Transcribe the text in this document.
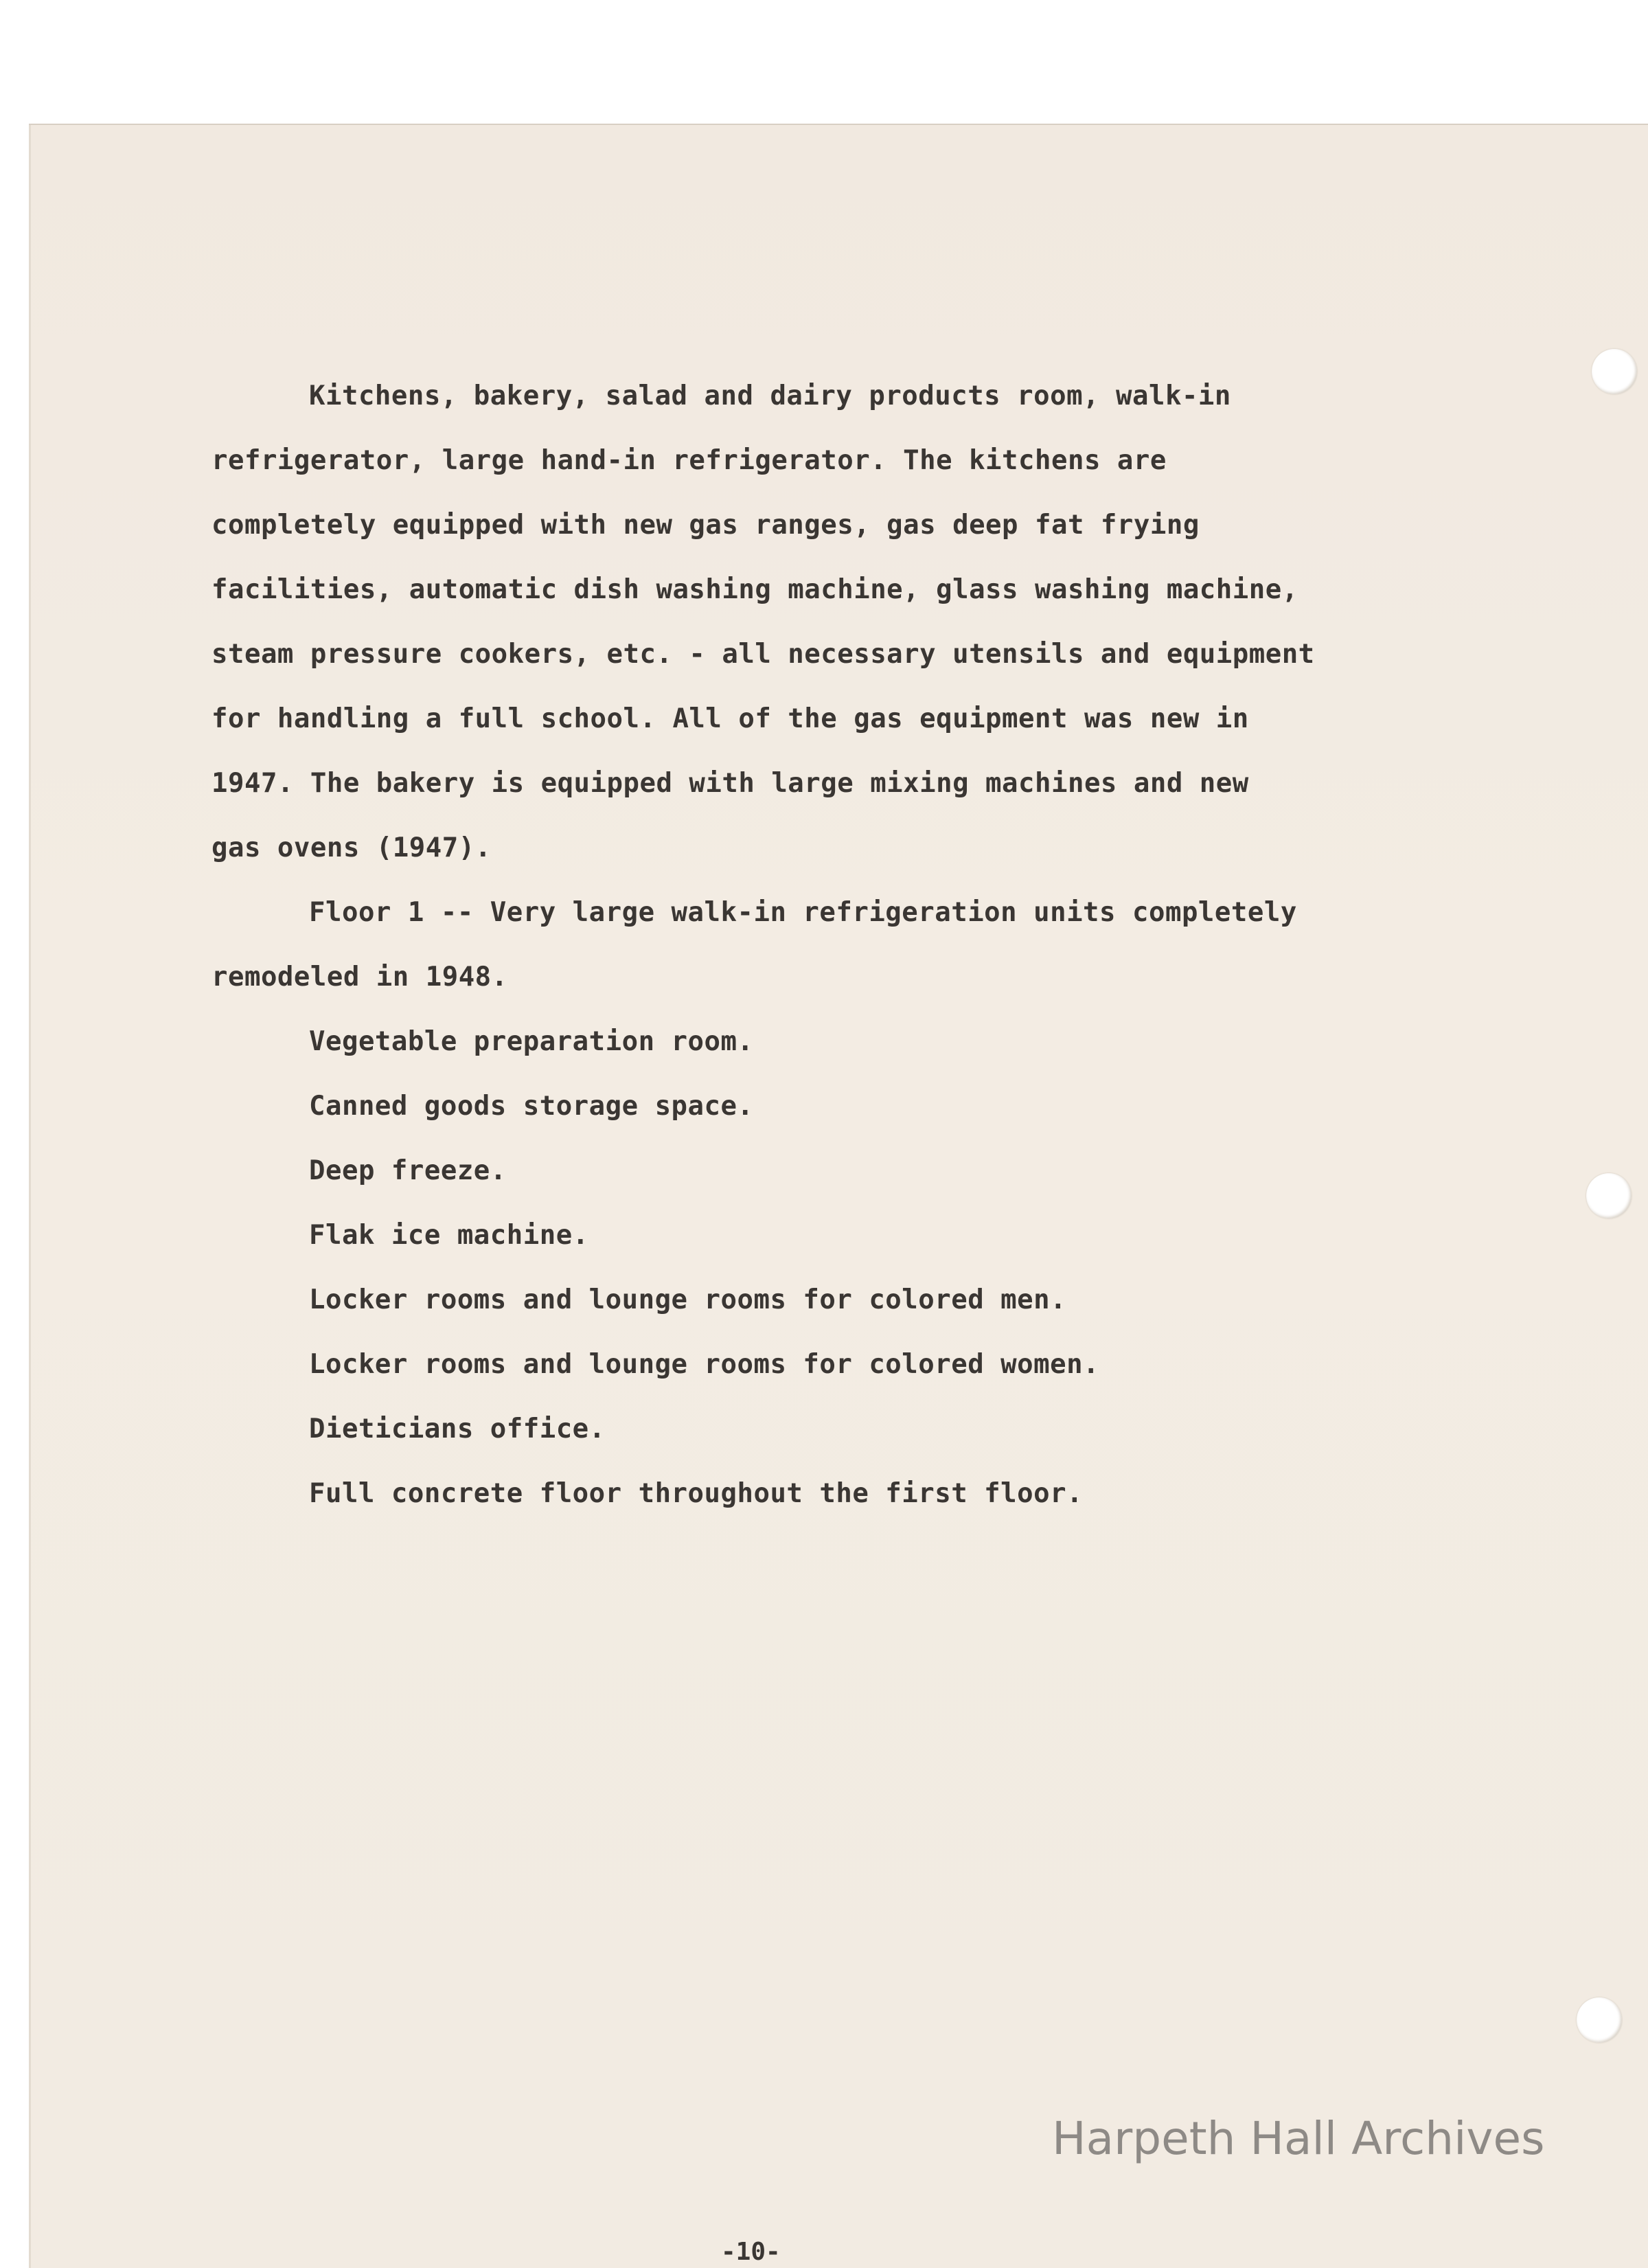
Kitchens, bakery, salad and dairy products room, walk-in

refrigerator, large hand-in refrigerator. The kitchens are

completely equipped with new gas ranges, gas deep fat frying

facilities, automatic dish washing machine, glass washing machine,

steam pressure cookers, etc. - all necessary utensils and equipment

for handling a full school. All of the gas equipment was new in

1947. The bakery is equipped with large mixing machines and new

gas ovens (1947).

Floor 1 -- Very large walk-in refrigeration units completely

remodeled in 1948.

Vegetable preparation room.

Canned goods storage space.

Deep freeze.

Flak ice machine.

Locker rooms and lounge rooms for colored men.

Locker rooms and lounge rooms for colored women.

Dieticians office.

Full concrete floor throughout the first floor.

Harpeth Hall Archives
-10-
